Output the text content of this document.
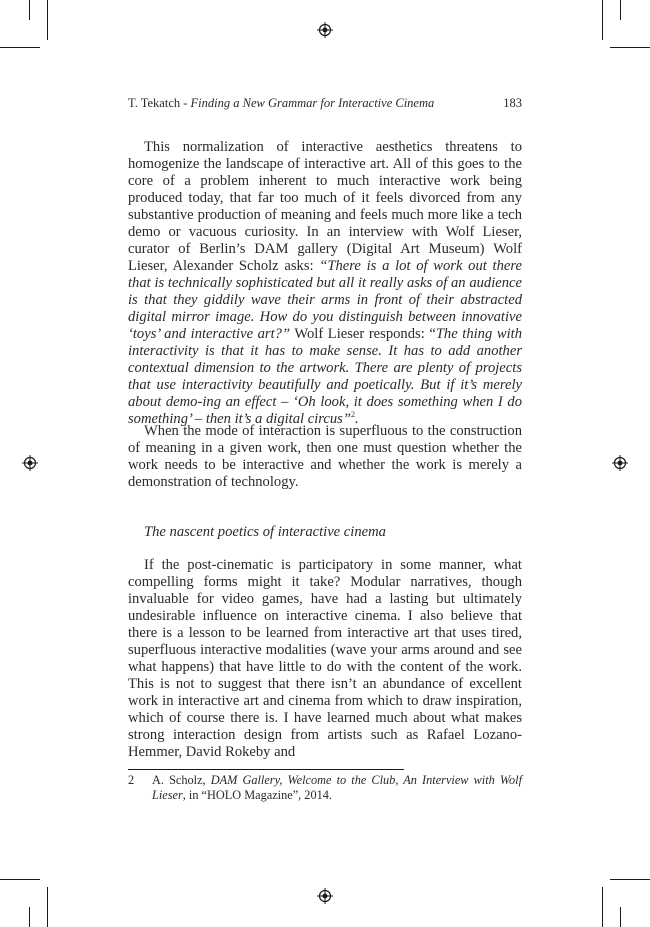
T. Tekatch - Finding a New Grammar for Interactive Cinema	183

This normalization of interactive aesthetics threatens to homogenize the landscape of interactive art. All of this goes to the core of a problem inherent to much interactive work being produced today, that far too much of it feels divorced from any substantive production of meaning and feels much more like a tech demo or vacuous curiosity. In an interview with Wolf Lieser, curator of Berlin’s DAM gallery (Digital Art Museum) Wolf Lieser, Alexander Scholz asks: “There is a lot of work out there that is technically sophisticated but all it really asks of an audience is that they giddily wave their arms in front of their abstracted digital mirror image. How do you distinguish between innovative ‘toys’ and interactive art?” Wolf Lieser responds: “The thing with interactivity is that it has to make sense. It has to add another contextual dimension to the artwork. There are plenty of projects that use interactivity beautifully and poetically. But if it’s merely about demo-ing an effect – ‘Oh look, it does something when I do something’ – then it’s a digital circus”$^2$.

When the mode of interaction is superfluous to the construction of meaning in a given work, then one must question whether the work needs to be interactive and whether the work is merely a demonstration of technology.

The nascent poetics of interactive cinema

If the post-cinematic is participatory in some manner, what compelling forms might it take? Modular narratives, though invaluable for video games, have had a lasting but ultimately undesirable influence on interactive cinema. I also believe that there is a lesson to be learned from interactive art that uses tired, superfluous interactive modalities (wave your arms around and see what happens) that have little to do with the content of the work. This is not to suggest that there isn’t an abundance of excellent work in interactive art and cinema from which to draw inspiration, which of course there is. I have learned much about what makes strong interaction design from artists such as Rafael Lozano-Hemmer, David Rokeby and

2 A. Scholz, DAM Gallery, Welcome to the Club, An Interview with Wolf Lieser, in “HOLO Magazine”, 2014.
